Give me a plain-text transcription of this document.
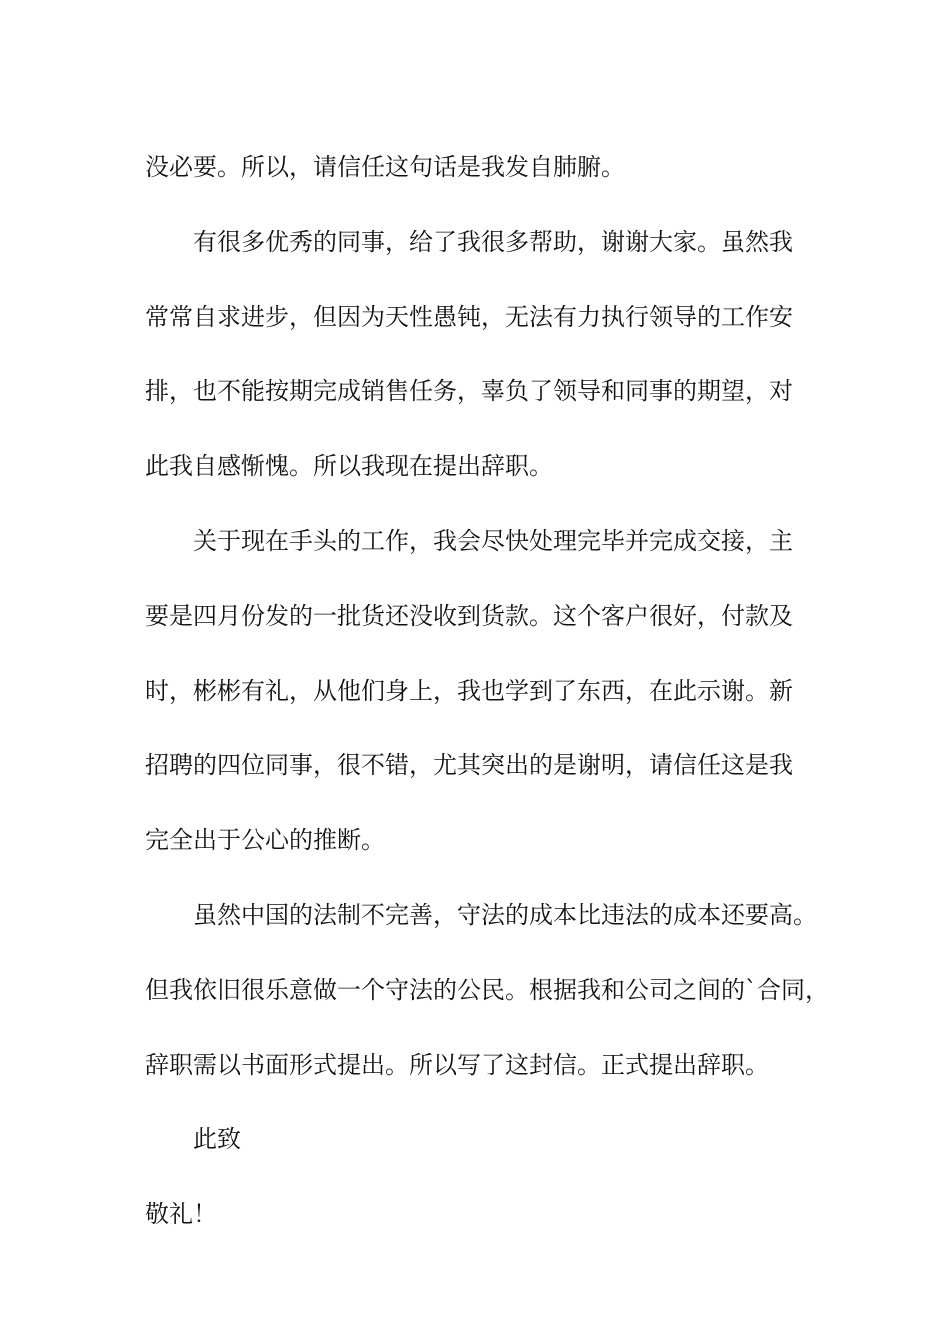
没必要。所以，请信任这句话是我发自肺腑。
有很多优秀的同事，给了我很多帮助，谢谢大家。虽然我
常常自求进步，但因为天性愚钝，无法有力执行领导的工作安
排，也不能按期完成销售任务，辜负了领导和同事的期望，对
此我自感惭愧。所以我现在提出辞职。
关于现在手头的工作，我会尽快处理完毕并完成交接，主
要是四月份发的一批货还没收到货款。这个客户很好，付款及
时，彬彬有礼，从他们身上，我也学到了东西，在此示谢。新
招聘的四位同事，很不错，尤其突出的是谢明，请信任这是我
完全出于公心的推断。
虽然中国的法制不完善，守法的成本比违法的成本还要高。
但我依旧很乐意做一个守法的公民。根据我和公司之间的`合同，
辞职需以书面形式提出。所以写了这封信。正式提出辞职。
此致
敬礼！
